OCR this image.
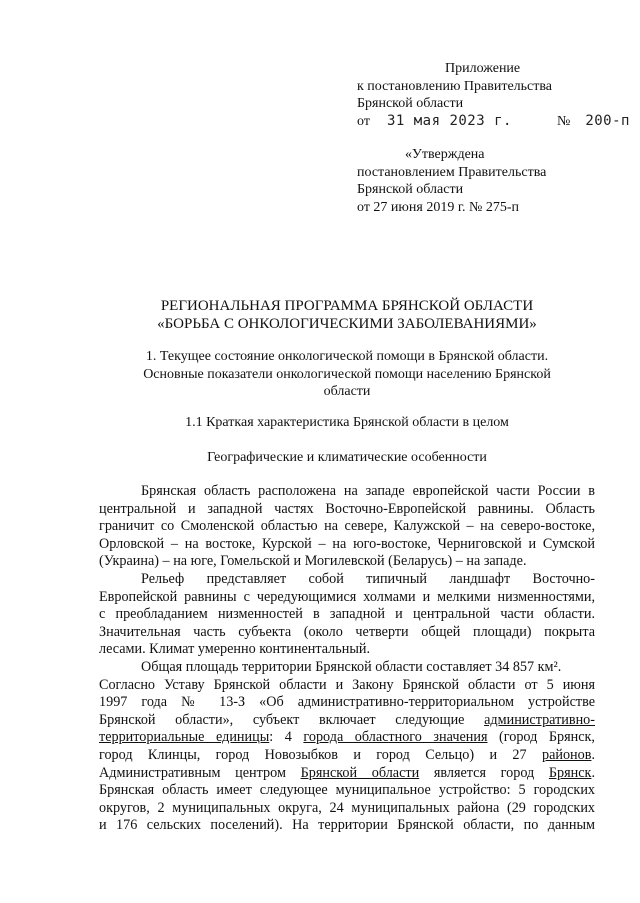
Приложение
к постановлению Правительства
Брянской области
от 31 мая 2023 г.	№ 200-п
«Утверждена
постановлением Правительства
Брянской области
от 27 июня 2019 г. № 275-п
РЕГИОНАЛЬНАЯ ПРОГРАММА БРЯНСКОЙ ОБЛАСТИ
«БОРЬБА С ОНКОЛОГИЧЕСКИМИ ЗАБОЛЕВАНИЯМИ»
1. Текущее состояние онкологической помощи в Брянской области.
Основные показатели онкологической помощи населению Брянской
области
1.1 Краткая характеристика Брянской области в целом
Географические и климатические особенности
Брянская область расположена на западе европейской части России в
центральной и западной частях Восточно-Европейской равнины. Область
граничит со Смоленской областью на севере, Калужской – на северо-востоке,
Орловской – на востоке, Курской – на юго-востоке, Черниговской и Сумской
(Украина) – на юге, Гомельской и Могилевской (Беларусь) – на западе.
Рельеф представляет собой типичный ландшафт Восточно-
Европейской равнины с чередующимися холмами и мелкими низменностями,
с преобладанием низменностей в западной и центральной части области.
Значительная часть субъекта (около четверти общей площади) покрыта
лесами. Климат умеренно континентальный.
Общая площадь территории Брянской области составляет 34 857 км².
Согласно Уставу Брянской области и Закону Брянской области от 5 июня
1997 года № 13-З «Об административно-территориальном устройстве
Брянской области», субъект включает следующие административно-
территориальные единицы: 4 города областного значения (город Брянск,
город Клинцы, город Новозыбков и город Сельцо) и 27 районов.
Административным центром Брянской области является город Брянск.
Брянская область имеет следующее муниципальное устройство: 5 городских
округов, 2 муниципальных округа, 24 муниципальных района (29 городских
и 176 сельских поселений). На территории Брянской области, по данным
